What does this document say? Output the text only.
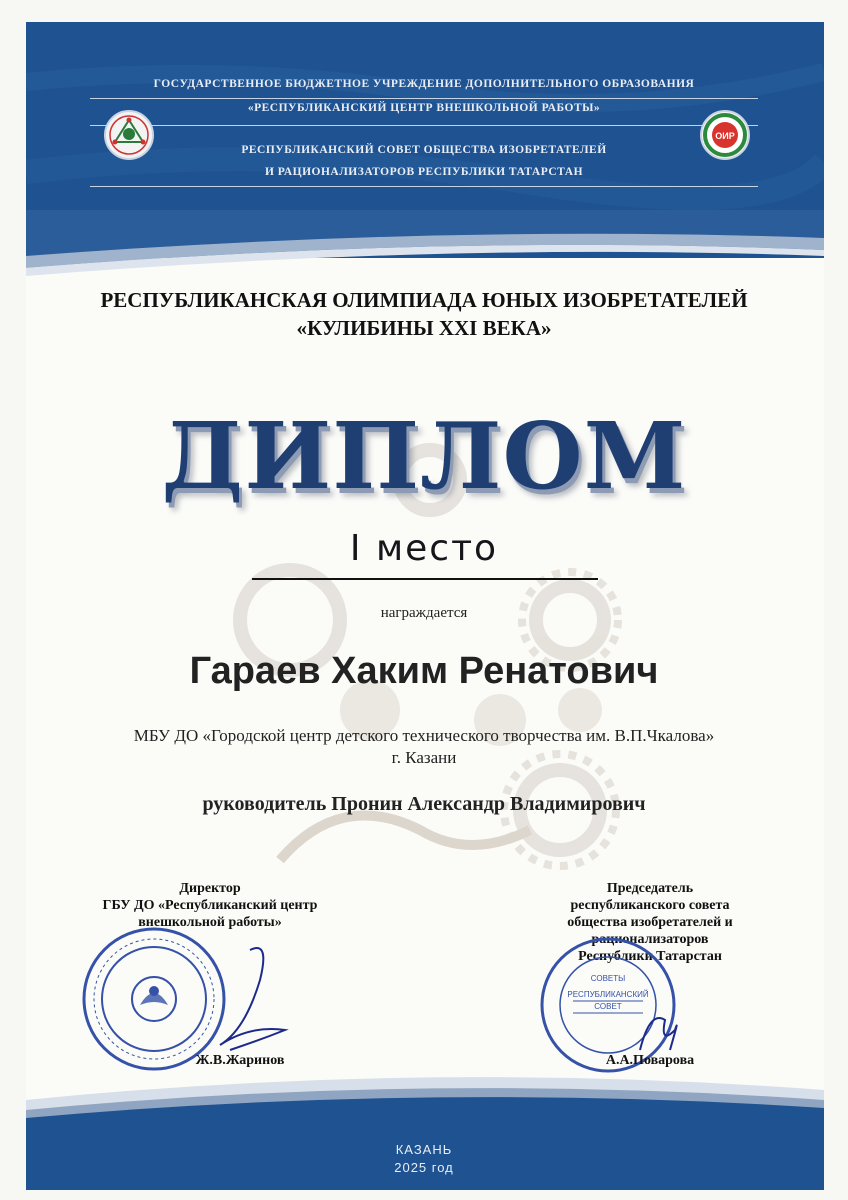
ГОСУДАРСТВЕННОЕ БЮДЖЕТНОЕ УЧРЕЖДЕНИЕ ДОПОЛНИТЕЛЬНОГО ОБРАЗОВАНИЯ
«РЕСПУБЛИКАНСКИЙ ЦЕНТР ВНЕШКОЛЬНОЙ РАБОТЫ»
РЕСПУБЛИКАНСКИЙ СОВЕТ ОБЩЕСТВА ИЗОБРЕТАТЕЛЕЙ
И РАЦИОНАЛИЗАТОРОВ РЕСПУБЛИКИ ТАТАРСТАН
ОИР
РЕСПУБЛИКАНСКАЯ ОЛИМПИАДА ЮНЫХ ИЗОБРЕТАТЕЛЕЙ
«КУЛИБИНЫ XXI ВЕКА»
ДИПЛОМ
I место
награждается
Гараев Хаким Ренатович
МБУ ДО «Городской центр детского технического творчества им. В.П.Чкалова»
г. Казани
руководитель Пронин Александр Владимирович
Директор
ГБУ ДО «Республиканский центр
внешкольной работы»
Ж.В.Жаринов
Председатель
республиканского совета
общества изобретателей и
рационализаторов
Республики Татарстан
СОВЕТЫ
РЕСПУБЛИКАНСКИЙ
СОВЕТ
А.А.Поварова
КАЗАНЬ
2025 год
